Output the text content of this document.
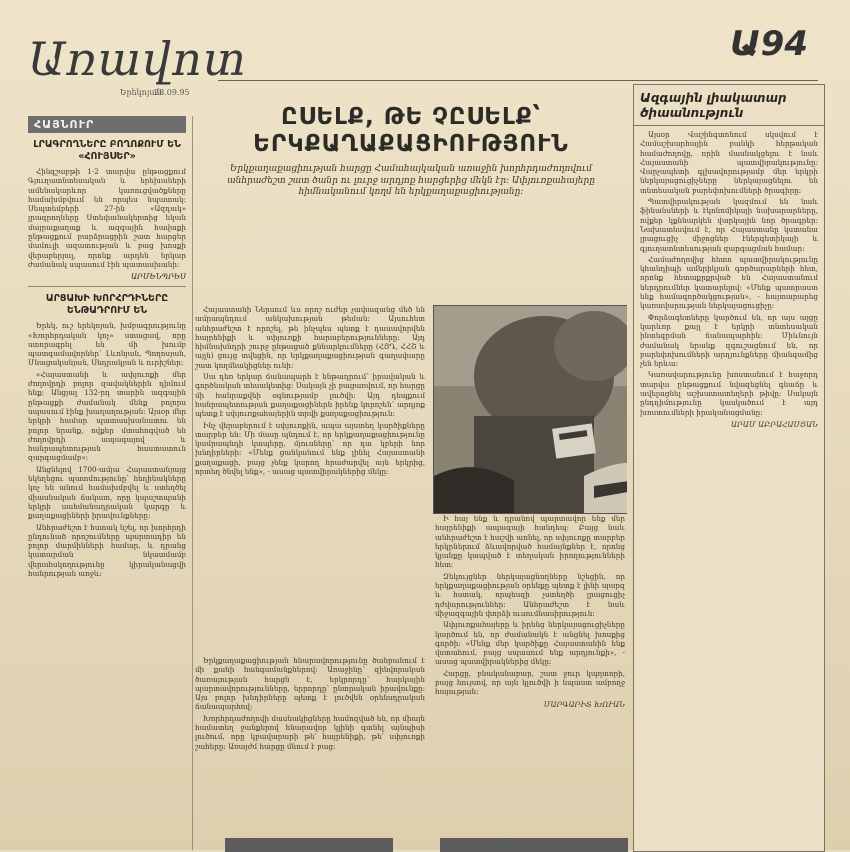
Առավոտ
Երեկոյան
28.09.95
Ա94
ՀԱՅՆՈՒՐ
ԼՐԱԳՐՈՂՆԵՐԸ ԲՈՂՈՔՈՒՄ ԵՆ «ՀՈՒՅՍԵՐ»

Հինգշաբթի 1-2 տարվա ընթացքում Գյուղատնտեսական և երեխաների ամենակարևոր կառուցվածքները համախմբվում են որպես նպատակ: Սեպտեմբերի 27-ին «Ազդակ» լրագրողները Ստեփանակերտից եկան մայրաքաղաք և ազգային հավաքի ընթացքում բարձրացրին շատ հարցեր մամուլի ազատության և բաց խոսքի վերաբերյալ, որոնք արդեն երկար ժամանակ սպասում էին պատասխանի:

ԱՐՄԵՆՊՐԵՍ
ԱՐՑԱԽԻ ԽՈՐՀՐԴԻՆԵՐԸ ԵՆԹԱԴՐՈՒՄ ԵՆ

Երեկ, ուշ երեկոյան, խմբագրությունը «Խորհրդական կոչ» ստացավ, որը ստորագրել են մի խումբ պատգամավորներ՝ Լևոնյան, Պողոսյան, Մնացականյան, Սեդրակյան և ուրիշներ:

«Հայաստանի և ափյուռքի մեր ժողովրդի բոլոր զավակներին դիմում ենք: Անցյալ 132-րդ տարին ազգային ընթացքի ժամանակ մենք բոլորս սպասում էինք խաղաղության: Այսօր մեր երկրի համար պատասխանատու են բոլոր նրանք, ովքեր մտահոգված են ժողովրդի ապագայով և հանրապետության հաստատուն զարգացմամբ»:

Անցնելով 1700-ամյա Հայաստանյայց եկեղեցու պատմությունը՝ հեղինակները կոչ են անում համախմբվել և ստեղծել միասնական ճակատ, որը կպաշտպանի երկրի սահմանադրական կարգը և քաղաքացիների իրավունքները:

Անհրաժեշտ է հստակ նշել, որ խորհրդի ընդունած որոշումները պարտադիր են բոլոր մարմինների համար, և դրանց կատարման նկատմամբ վերահսկողությունը կիրականացվի հանրության առջև:

ԸՍԵԼՔ, ԹԵ ՉԸՍԵԼՔ՝ ԵՐԿՔԱՂԱՔԱՑԻՈՒԹՅՈՒՆ
Երկքաղաքացիության հարցը Համահայկական առաջին խորհրդաժողովում անհրաժեշտ շատ ծանր ու լուրջ արդյոք հարցերից մեկն էր: Ափյուռքահայերը հիմնականում կողմ են երկքաղաքացիությանը:

Հայաստանի Ներսում ևս որոշ ուժեր չափազանց մեծ են ամրապնդում անկախության թեման: Այսուհետ անհրաժեշտ է որոշել, թե ինչպես պետք է դասավորվեն հայրենիքի և սփյուռքի հարաբերությունները: Այդ հիմնախնդրի շուրջ ընթացած քննարկումները (ՀՅԴ, ՀՀՇ և այլն) ցույց տվեցին, որ երկքաղաքացիության գաղափարը շատ կողմնակիցներ ունի:

Սա դեռ երկար ճանապարհ է ենթադրում՝ իրավական և գործնական տեսակետից: Սակայն չի բացառվում, որ հարցը մի հանրաքվեի օգնությամբ լուծվի: Այդ դեպքում հանրապետության քաղաքացիներն իրենք կորոշեն՝ արդյոք պետք է սփյուռքահայերին տրվի քաղաքացիություն:

Ինչ վերաբերում է սփյուռքին, ապա այստեղ կարծիքները տարբեր են: Մի մասը պնդում է, որ երկքաղաքացիությունը կամրապնդի կապերը, մյուսները՝ որ դա կբերի նոր խնդիրների: «Մենք ցանկանում ենք լինել Հայաստանի քաղաքացի, բայց չենք կարող հրաժարվել այն երկրից, որտեղ ծնվել ենք», - ասաց պատվիրակներից մեկը:

Երկքաղաքացիության հնարավորությունը ծանրանում է մի քանի հանգամանքներով: Առաջինը՝ զինվորական ծառայության հարցն է, երկրորդը՝ հարկային պարտավորությունները, երրորդը՝ ընտրական իրավունքը: Այս բոլոր խնդիրները պետք է լուծվեն օրենսդրական ճանապարհով:

Խորհրդաժողովի մասնակիցները համոզված են, որ միայն համատեղ ջանքերով հնարավոր կլինի գտնել այնպիսի լուծում, որը կբավարարի թե՛ հայրենիքի, թե՛ սփյուռքի շահերը: Առայժմ հարցը մնում է բաց:

Ի հայ ենք և դրանով պարտավոր ենք մեր հայրենիքի ապագայի հանդեպ: Բայց նաև անհրաժեշտ է հաշվի առնել, որ սփյուռքը տարբեր երկրներում ձևավորված համայնքներ է, որոնց կյանքը կապված է տեղական իրողությունների հետ:

Զեկույցներ ներկայացնողները նշեցին, որ երկքաղաքացիության օրենքը պետք է լինի պարզ և հստակ, որպեսզի չստեղծի լրացուցիչ դժվարություններ: Անհրաժեշտ է նաև միջազգային փորձի ուսումնասիրություն:

Ափյուռքահայերը և իրենց ներկայացուցիչները կարծում են, որ ժամանակն է անցնել խոսքից գործի: «Մենք մեր կարծիքը Հայաստանին ենք վստահում, բայց սպասում ենք արդյունքի», - ասաց պատվիրակներից մեկը:

Հարցը, բնականաբար, շատ ջուր կպղտորի, բայց հույսով, որ այն կլուծվի ի նպաստ ամբողջ հայության:

ՄԱՐԳԱՐԻՏ ԽՈՒԱՆ
Ազգային լիակատար ծիաանություն

Այսօր Վաշինգտոնում սկսվում է Համաշխարհային բանկի հերթական համաժողովը, որին մասնակցելու է նաև Հայաստանի պատվիրակությունը: Վարչապետի գլխավորությամբ մեր երկրի ներկայացուցիչները ներկայացնելու են տնտեսական բարեփոխումների ծրագիրը:

Պատվիրակության կազմում են նաև ֆինանսների և էկոնոմիկայի նախարարները, ովքեր կքննարկեն վարկային նոր ծրագրեր: Նախատեսվում է, որ Հայաստանը կստանա լրացուցիչ միջոցներ էներգետիկայի և գյուղատնտեսության զարգացման համար:

Համաժողովից հետո պատվիրակությունը կհանդիպի ամերիկյան գործարարների հետ, որոնք հետաքրքրված են Հայաստանում ներդրումներ կատարելով: «Մենք պատրաստ ենք համագործակցության», - հայտարարեց կառավարության ներկայացուցիչը:

Փորձագետները կարծում են, որ այս այցը կարևոր քայլ է երկրի տնտեսական ինտեգրման ճանապարհին: Միևնույն ժամանակ նրանք զգուշացնում են, որ բարեփոխումների արդյունքները միանգամից չեն երևա:

Կառավարությունը խոստանում է հաջորդ տարվա ընթացքում նվազեցնել գնաճը և ավելացնել աշխատատեղերի թիվը: Սակայն ընդդիմությունը կասկածում է այդ խոստումների իրականացմանը:

ԱՐԱՄ ԱԲՐԱՀԱՄՅԱՆ
